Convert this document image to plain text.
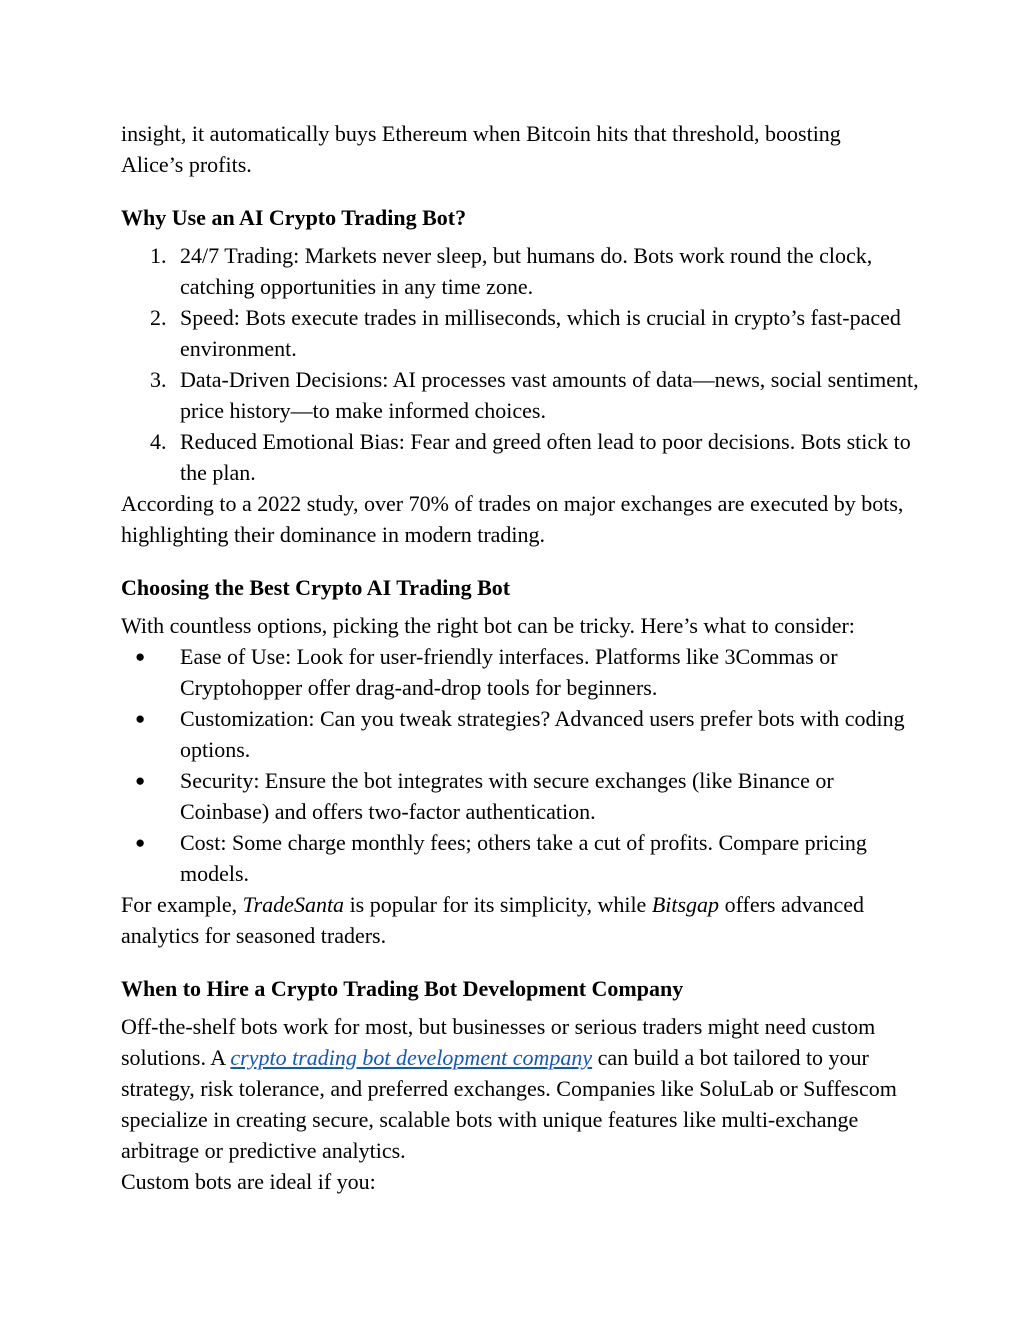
insight, it automatically buys Ethereum when Bitcoin hits that threshold, boosting
Alice’s profits.

Why Use an AI Crypto Trading Bot?
1. 24/7 Trading: Markets never sleep, but humans do. Bots work round the clock, catching opportunities in any time zone.
2. Speed: Bots execute trades in milliseconds, which is crucial in crypto’s fast-paced environment.
3. Data-Driven Decisions: AI processes vast amounts of data—news, social sentiment, price history—to make informed choices.
4. Reduced Emotional Bias: Fear and greed often lead to poor decisions. Bots stick to the plan.

According to a 2022 study, over 70% of trades on major exchanges are executed by bots, highlighting their dominance in modern trading.

Choosing the Best Crypto AI Trading Bot

With countless options, picking the right bot can be tricky. Here’s what to consider:

● Ease of Use: Look for user-friendly interfaces. Platforms like 3Commas or Cryptohopper offer drag-and-drop tools for beginners.
● Customization: Can you tweak strategies? Advanced users prefer bots with coding options.
● Security: Ensure the bot integrates with secure exchanges (like Binance or Coinbase) and offers two-factor authentication.
● Cost: Some charge monthly fees; others take a cut of profits. Compare pricing models.

For example, TradeSanta is popular for its simplicity, while Bitsgap offers advanced analytics for seasoned traders.

When to Hire a Crypto Trading Bot Development Company

Off-the-shelf bots work for most, but businesses or serious traders might need custom solutions. A crypto trading bot development company can build a bot tailored to your strategy, risk tolerance, and preferred exchanges. Companies like SoluLab or Suffescom specialize in creating secure, scalable bots with unique features like multi-exchange arbitrage or predictive analytics.

Custom bots are ideal if you:
